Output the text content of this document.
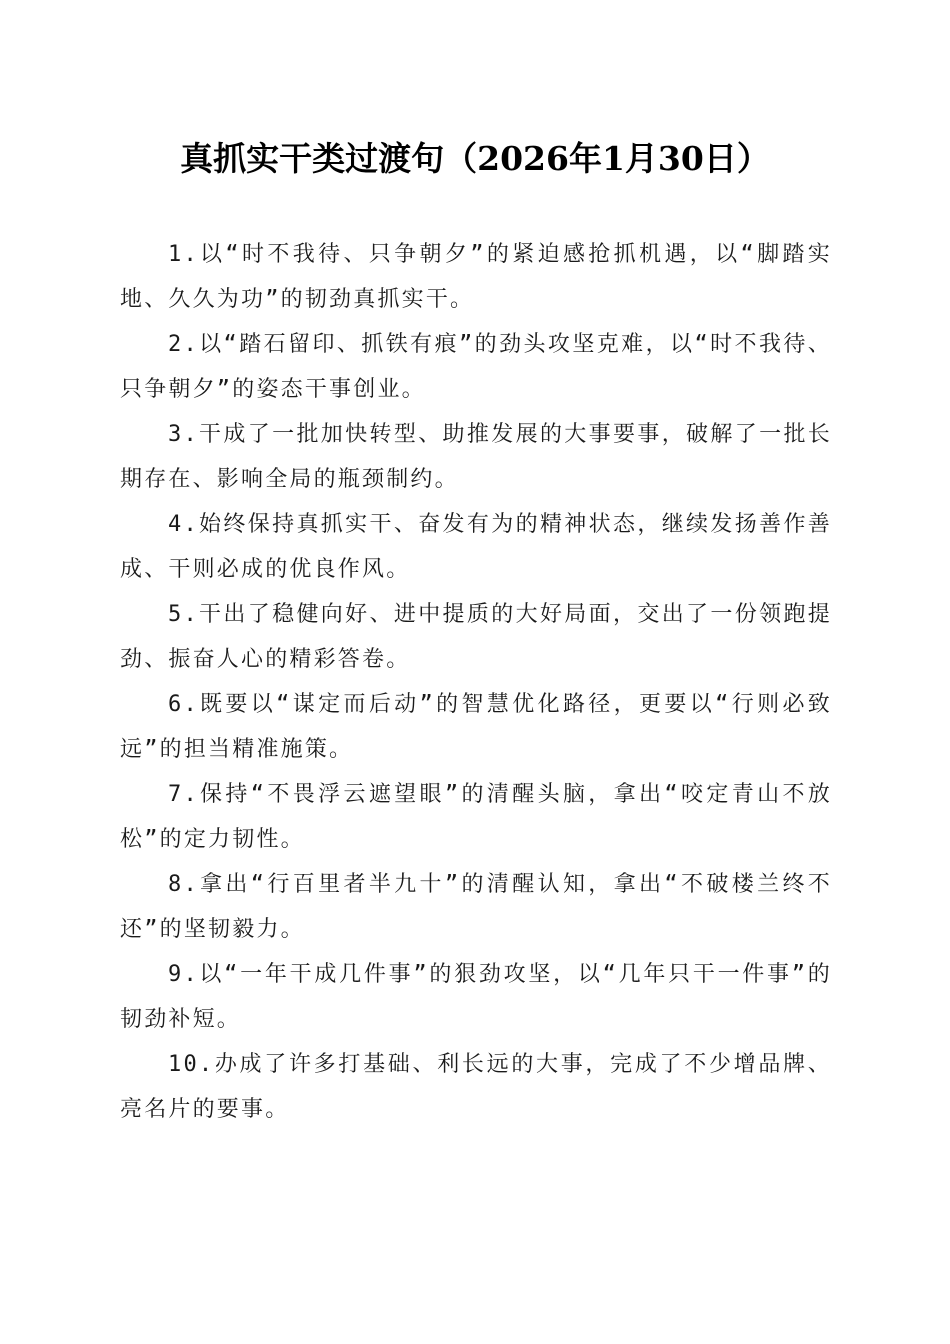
真抓实干类过渡句（2026年1月30日）

1.以“时不我待、只争朝夕”的紧迫感抢抓机遇，以“脚踏实地、久久为功”的韧劲真抓实干。

2.以“踏石留印、抓铁有痕”的劲头攻坚克难，以“时不我待、只争朝夕”的姿态干事创业。

3.干成了一批加快转型、助推发展的大事要事，破解了一批长期存在、影响全局的瓶颈制约。

4.始终保持真抓实干、奋发有为的精神状态，继续发扬善作善成、干则必成的优良作风。

5.干出了稳健向好、进中提质的大好局面，交出了一份领跑提劲、振奋人心的精彩答卷。

6.既要以“谋定而后动”的智慧优化路径，更要以“行则必致远”的担当精准施策。

7.保持“不畏浮云遮望眼”的清醒头脑，拿出“咬定青山不放松”的定力韧性。

8.拿出“行百里者半九十”的清醒认知，拿出“不破楼兰终不还”的坚韧毅力。

9.以“一年干成几件事”的狠劲攻坚，以“几年只干一件事”的韧劲补短。

10.办成了许多打基础、利长远的大事，完成了不少增品牌、亮名片的要事。
